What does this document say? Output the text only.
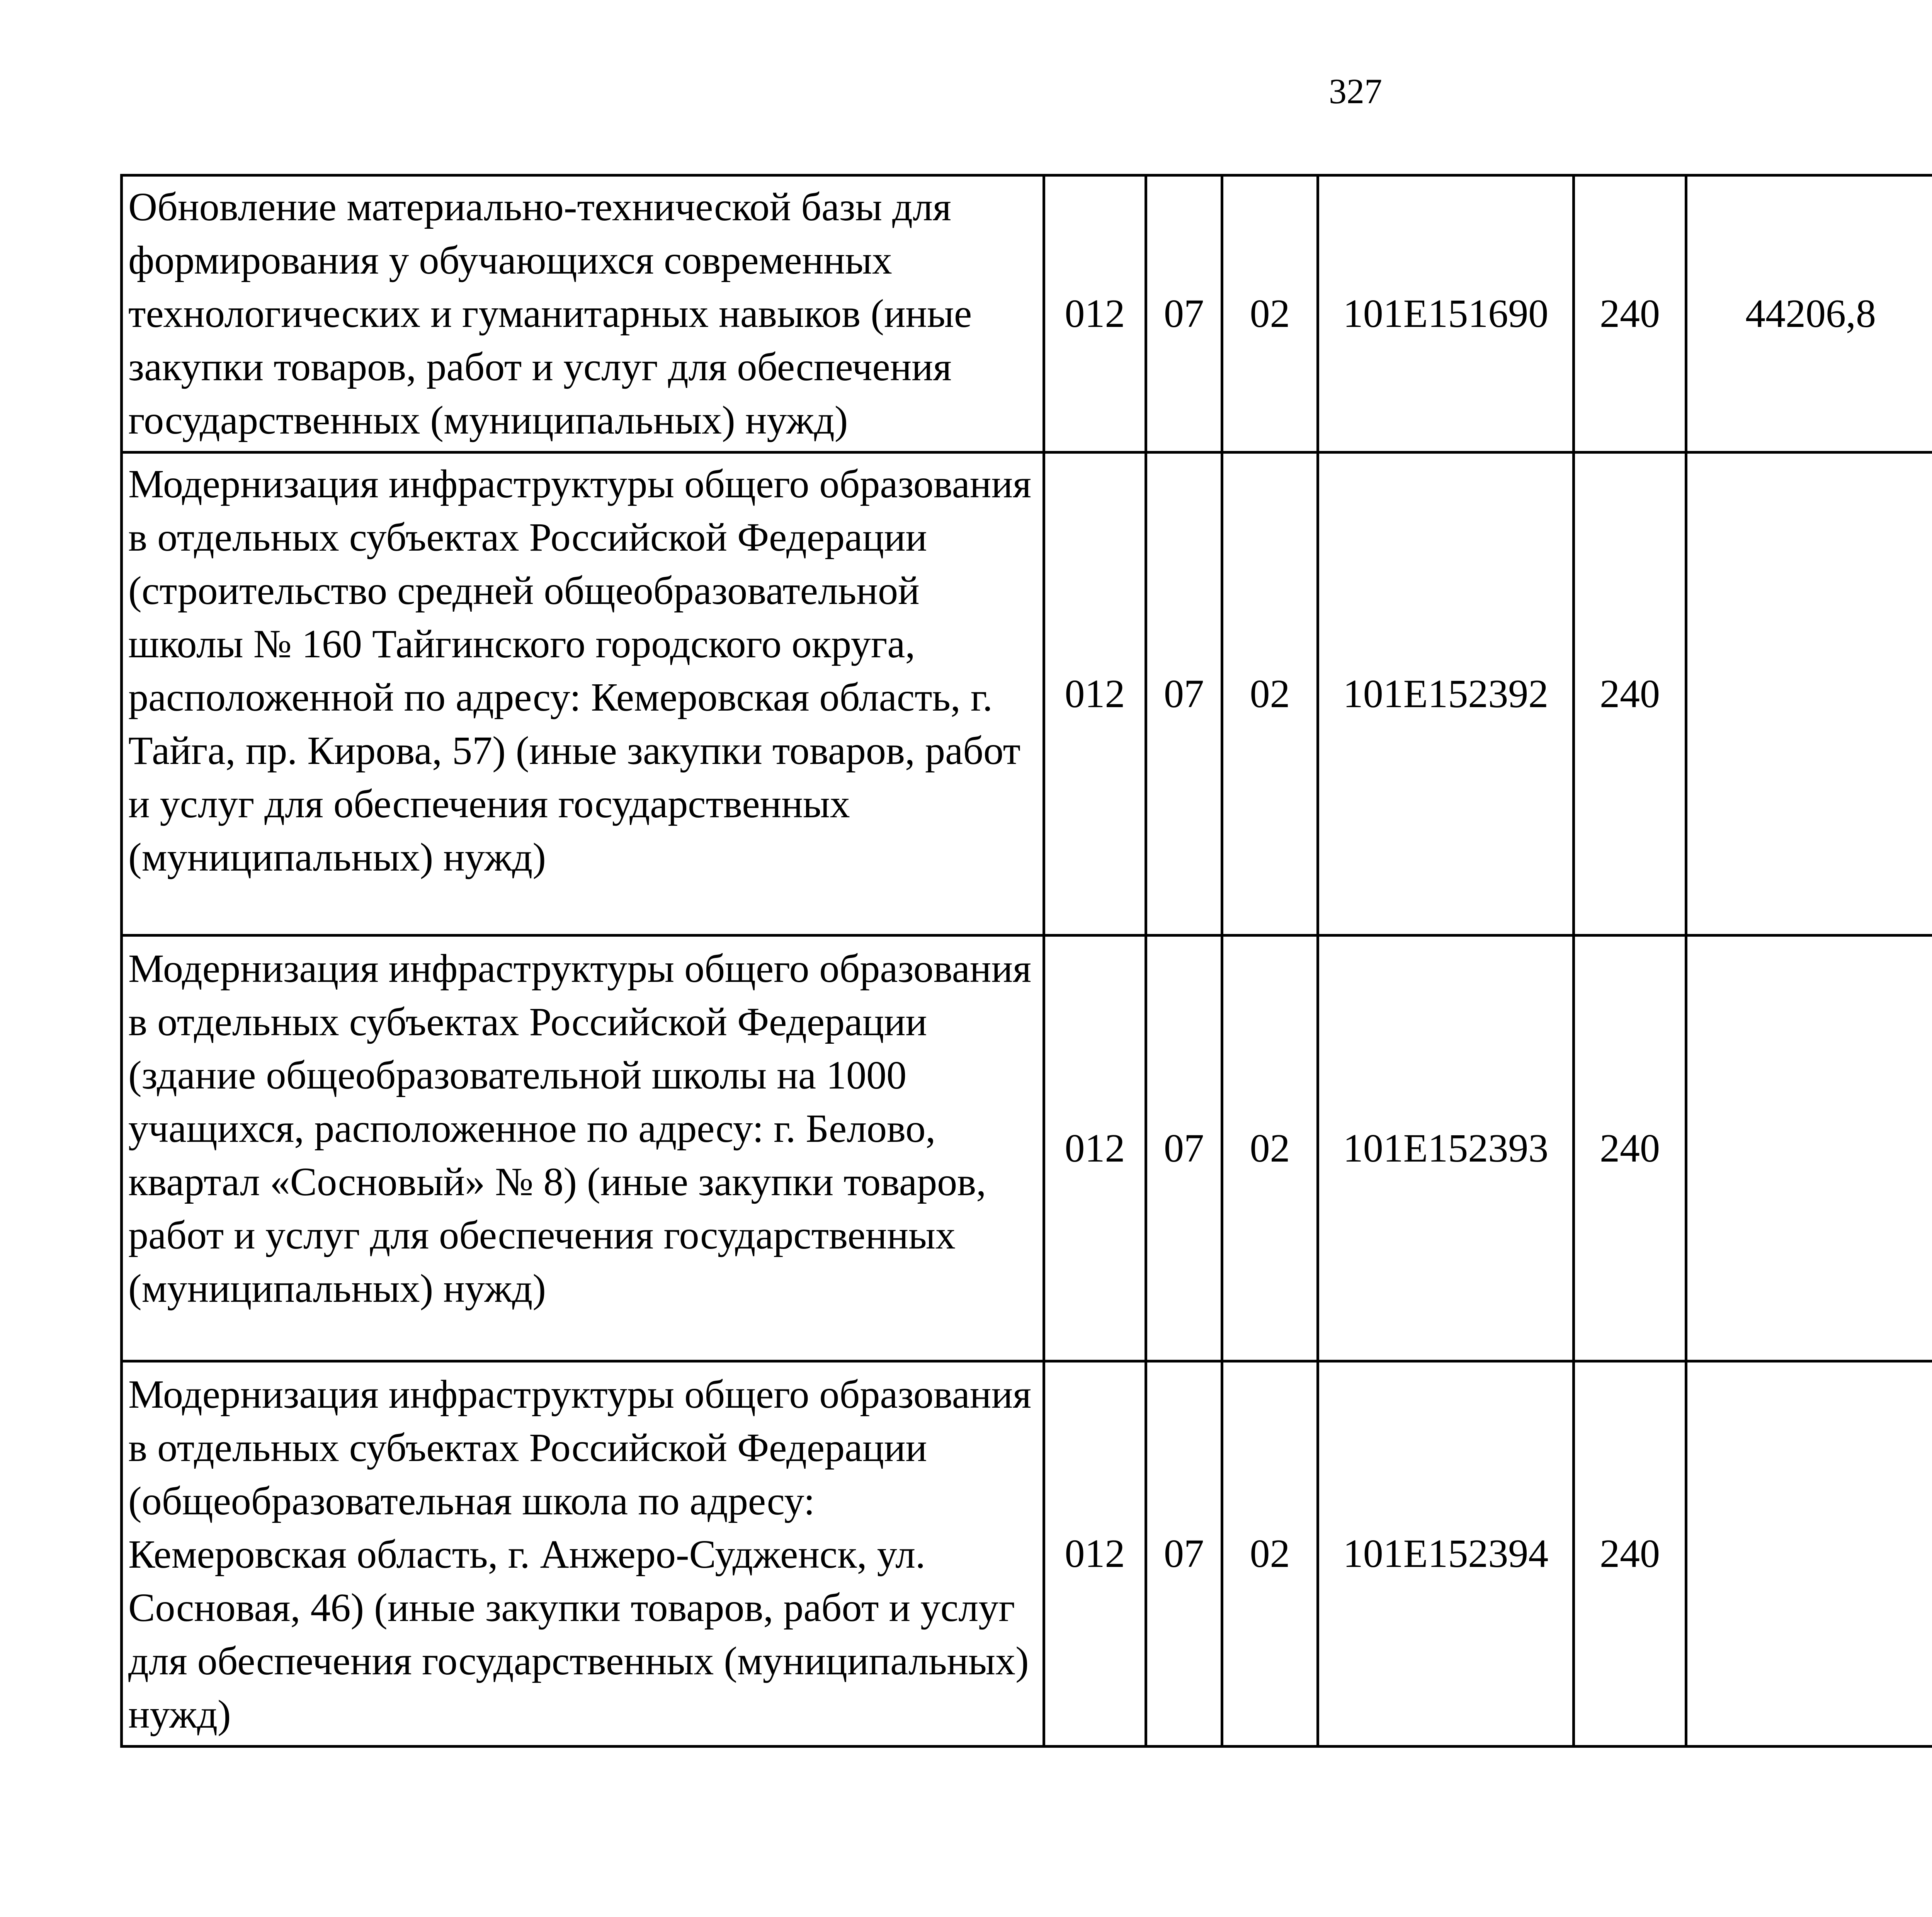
327
Обновление материально-технической базы для формирования у обучающихся современных технологических и гуманитарных навыков (иные закупки товаров, работ и услуг для обеспечения государственных (муниципальных) нужд)	012	07	02	101E151690	240	44206,8		
Модернизация инфраструктуры общего образования в отдельных субъектах Российской Федерации (строительство средней общеобразовательной школы № 160 Тайгинского городского округа, расположенной по адресу: Кемеровская область, г. Тайга, пр. Кирова, 57) (иные закупки товаров, работ и услуг для обеспечения государственных (муниципальных) нужд)	012	07	02	101E152392	240			
Модернизация инфраструктуры общего образования в отдельных субъектах Российской Федерации (здание общеобразовательной школы на 1000 учащихся, расположенное по адресу: г. Белово, квартал «Сосновый» № 8) (иные закупки товаров, работ и услуг для обеспечения государственных (муниципальных) нужд)	012	07	02	101E152393	240			
Модернизация инфраструктуры общего образования в отдельных субъектах Российской Федерации (общеобразовательная школа по адресу: Кемеровская область, г. Анжеро-Судженск, ул. Сосновая, 46) (иные закупки товаров, работ и услуг для обеспечения государственных (муниципальных) нужд)	012	07	02	101E152394	240			
